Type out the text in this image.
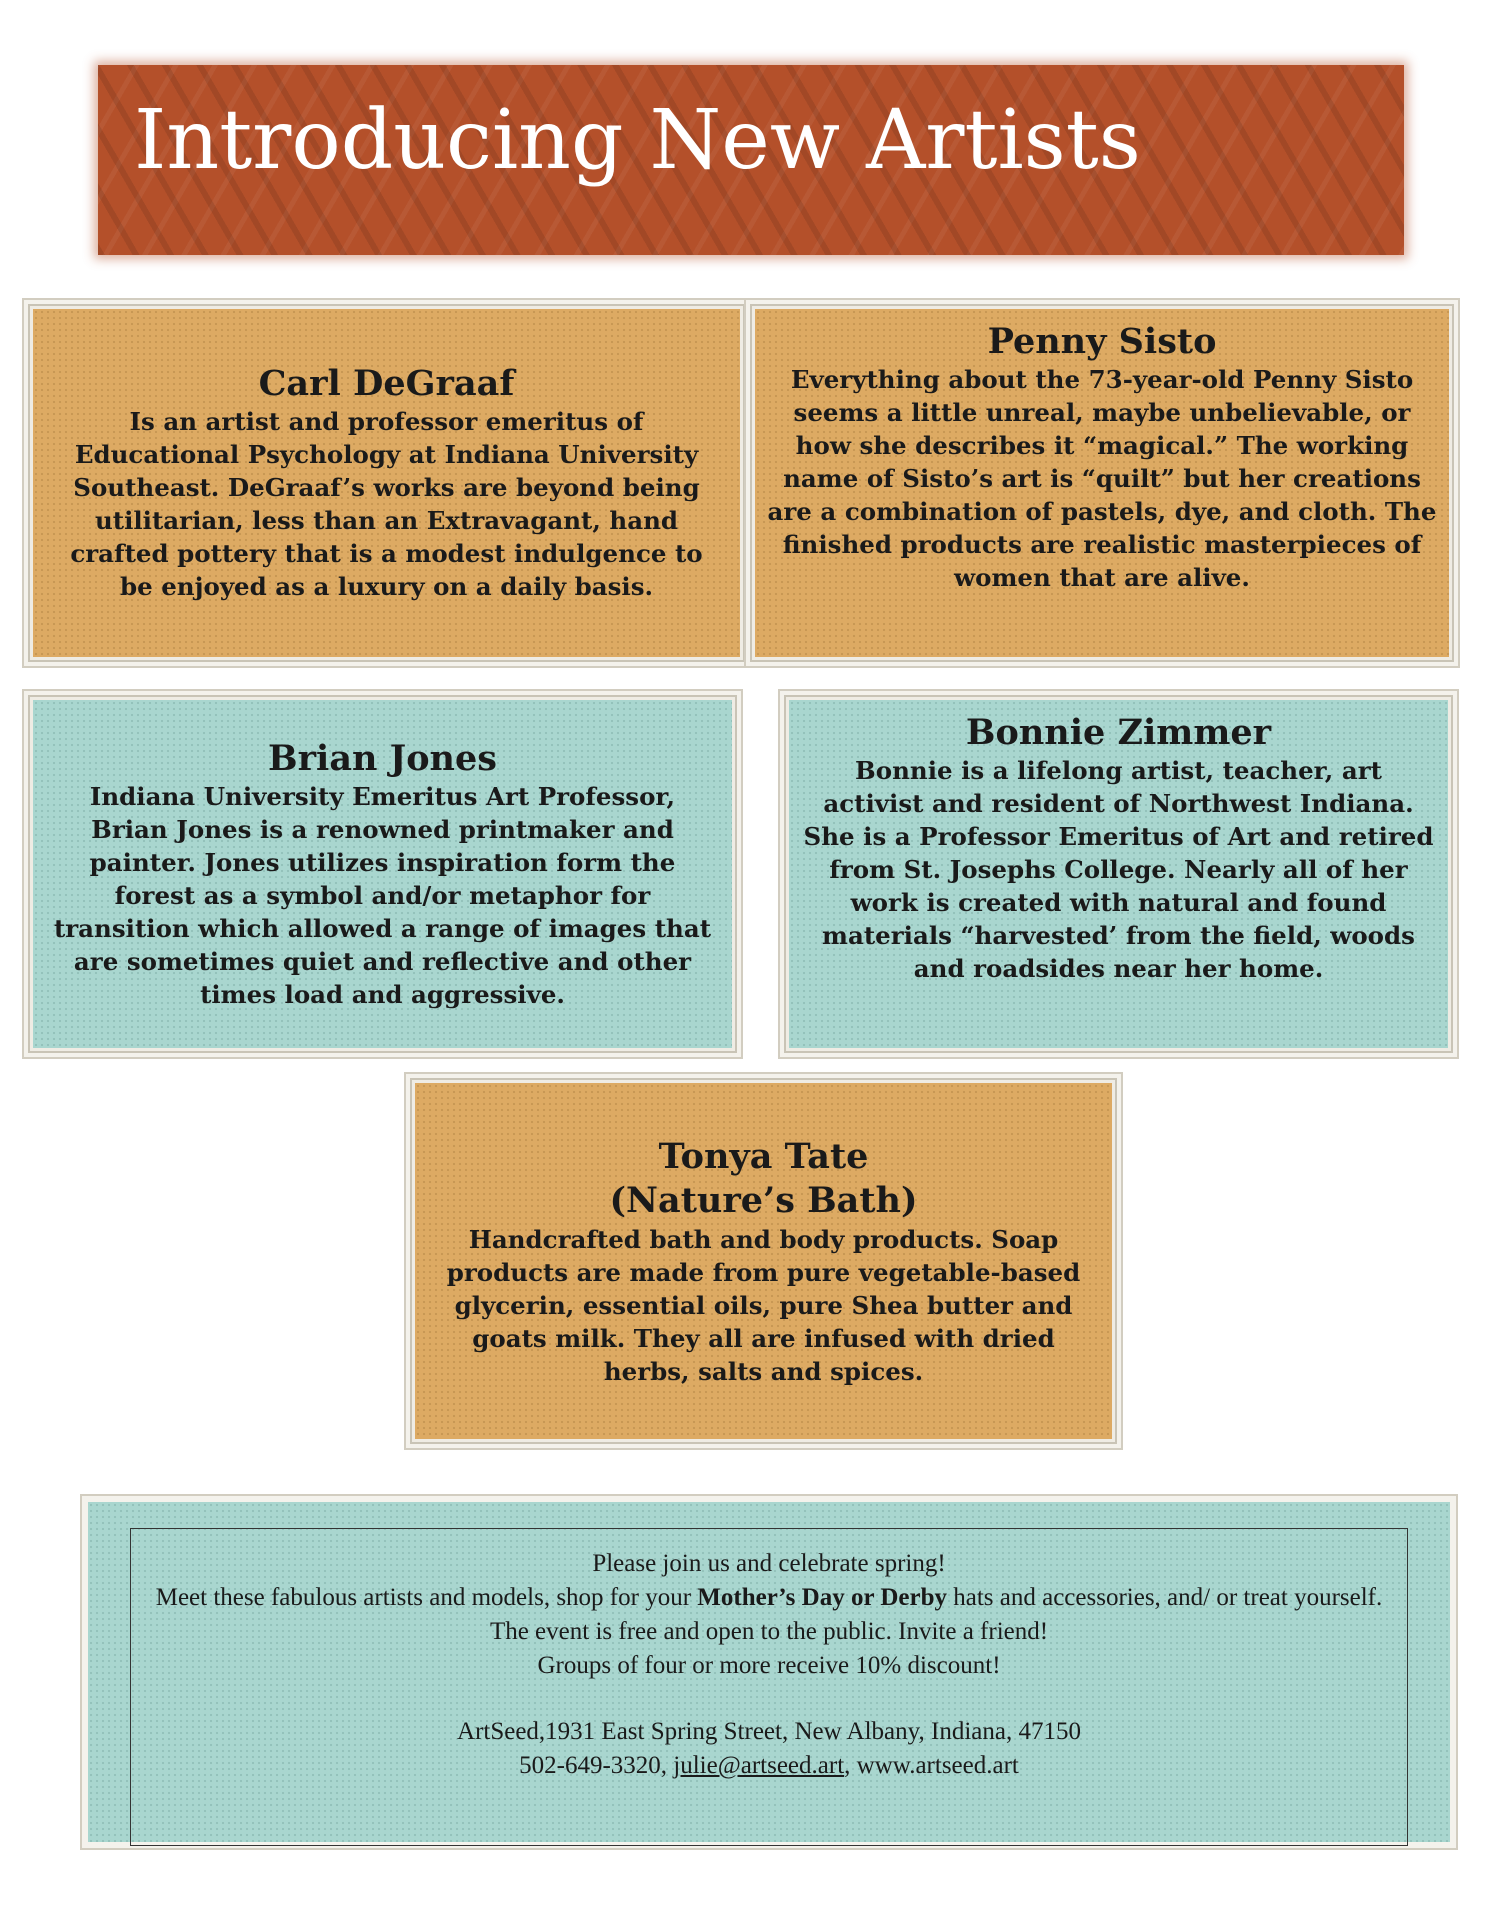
Introducing New Artists
Carl DeGraaf

Is an artist and professor emeritus of Educational Psychology at Indiana University Southeast. DeGraaf’s works are beyond being utilitarian, less than an Extravagant, hand crafted pottery that is a modest indulgence to be enjoyed as a luxury on a daily basis.

Penny Sisto

Everything about the 73-year-old Penny Sisto seems a little unreal, maybe unbelievable, or how she describes it “magical.” The working name of Sisto’s art is “quilt” but her creations are a combination of pastels, dye, and cloth. The finished products are realistic masterpieces of women that are alive.

Brian Jones

Indiana University Emeritus Art Professor, Brian Jones is a renowned printmaker and painter. Jones utilizes inspiration form the forest as a symbol and/or metaphor for transition which allowed a range of images that are sometimes quiet and reflective and other times load and aggressive.

Bonnie Zimmer

Bonnie is a lifelong artist, teacher, art activist and resident of Northwest Indiana. She is a Professor Emeritus of Art and retired from St. Josephs College. Nearly all of her work is created with natural and found materials “harvested’ from the field, woods and roadsides near her home.

Tonya Tate
(Nature’s Bath)

Handcrafted bath and body products. Soap products are made from pure vegetable-based glycerin, essential oils, pure Shea butter and goats milk. They all are infused with dried herbs, salts and spices.

Please join us and celebrate spring!
Meet these fabulous artists and models, shop for your Mother’s Day or Derby hats and accessories, and/ or treat yourself.
The event is free and open to the public. Invite a friend!
Groups of four or more receive 10% discount!
ArtSeed,1931 East Spring Street, New Albany, Indiana, 47150
502-649-3320, julie@artseed.art, www.artseed.art
